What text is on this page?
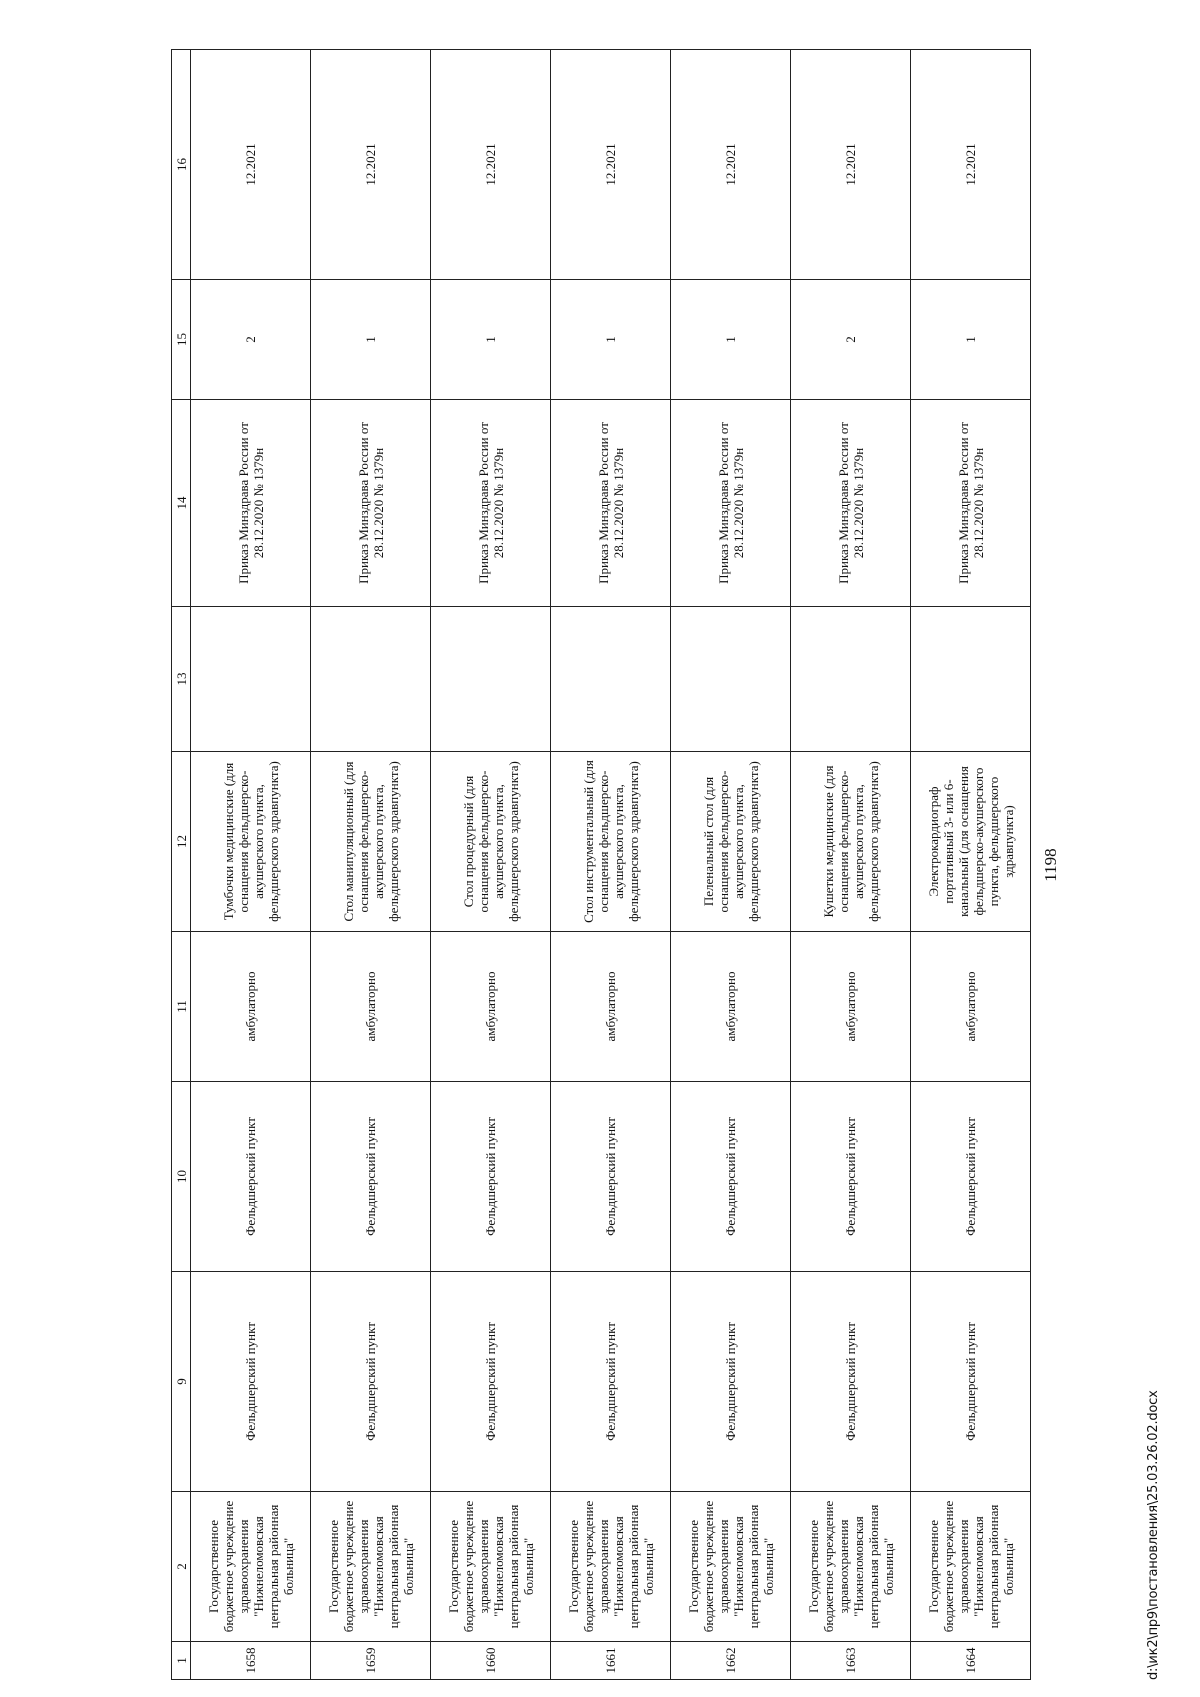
1	2	9	10	11	12	13	14	15	16
1658	Государственное бюджетное учреждение здравоохранения "Нижнеломовская центральная районная больница"	Фельдшерский пункт	Фельдшерский пункт	амбулаторно	Тумбочки медицинские (для оснащения фельдшерско-акушерского пункта, фельдшерского здравпункта)		Приказ Минздрава России от 28.12.2020 № 1379н	2	12.2021
1659	Государственное бюджетное учреждение здравоохранения "Нижнеломовская центральная районная больница"	Фельдшерский пункт	Фельдшерский пункт	амбулаторно	Стол манипуляционный (для оснащения фельдшерско-акушерского пункта, фельдшерского здравпункта)		Приказ Минздрава России от 28.12.2020 № 1379н	1	12.2021
1660	Государственное бюджетное учреждение здравоохранения "Нижнеломовская центральная районная больница"	Фельдшерский пункт	Фельдшерский пункт	амбулаторно	Стол процедурный (для оснащения фельдшерско-акушерского пункта, фельдшерского здравпункта)		Приказ Минздрава России от 28.12.2020 № 1379н	1	12.2021
1661	Государственное бюджетное учреждение здравоохранения "Нижнеломовская центральная районная больница"	Фельдшерский пункт	Фельдшерский пункт	амбулаторно	Стол инструментальный (для оснащения фельдшерско-акушерского пункта, фельдшерского здравпункта)		Приказ Минздрава России от 28.12.2020 № 1379н	1	12.2021
1662	Государственное бюджетное учреждение здравоохранения "Нижнеломовская центральная районная больница"	Фельдшерский пункт	Фельдшерский пункт	амбулаторно	Пеленальный стол (для оснащения фельдшерско-акушерского пункта, фельдшерского здравпункта)		Приказ Минздрава России от 28.12.2020 № 1379н	1	12.2021
1663	Государственное бюджетное учреждение здравоохранения "Нижнеломовская центральная районная больница"	Фельдшерский пункт	Фельдшерский пункт	амбулаторно	Кушетки медицинские (для оснащения фельдшерско-акушерского пункта, фельдшерского здравпункта)		Приказ Минздрава России от 28.12.2020 № 1379н	2	12.2021
1664	Государственное бюджетное учреждение здравоохранения "Нижнеломовская центральная районная больница"	Фельдшерский пункт	Фельдшерский пункт	амбулаторно	Электрокардиограф портативный 3- или 6-канальный (для оснащения фельдшерско-акушерского пункта, фельдшерского здравпункта)		Приказ Минздрава России от 28.12.2020 № 1379н	1	12.2021
1198
d:\ик2\пр9\постановления\25.03.26.02.docx
